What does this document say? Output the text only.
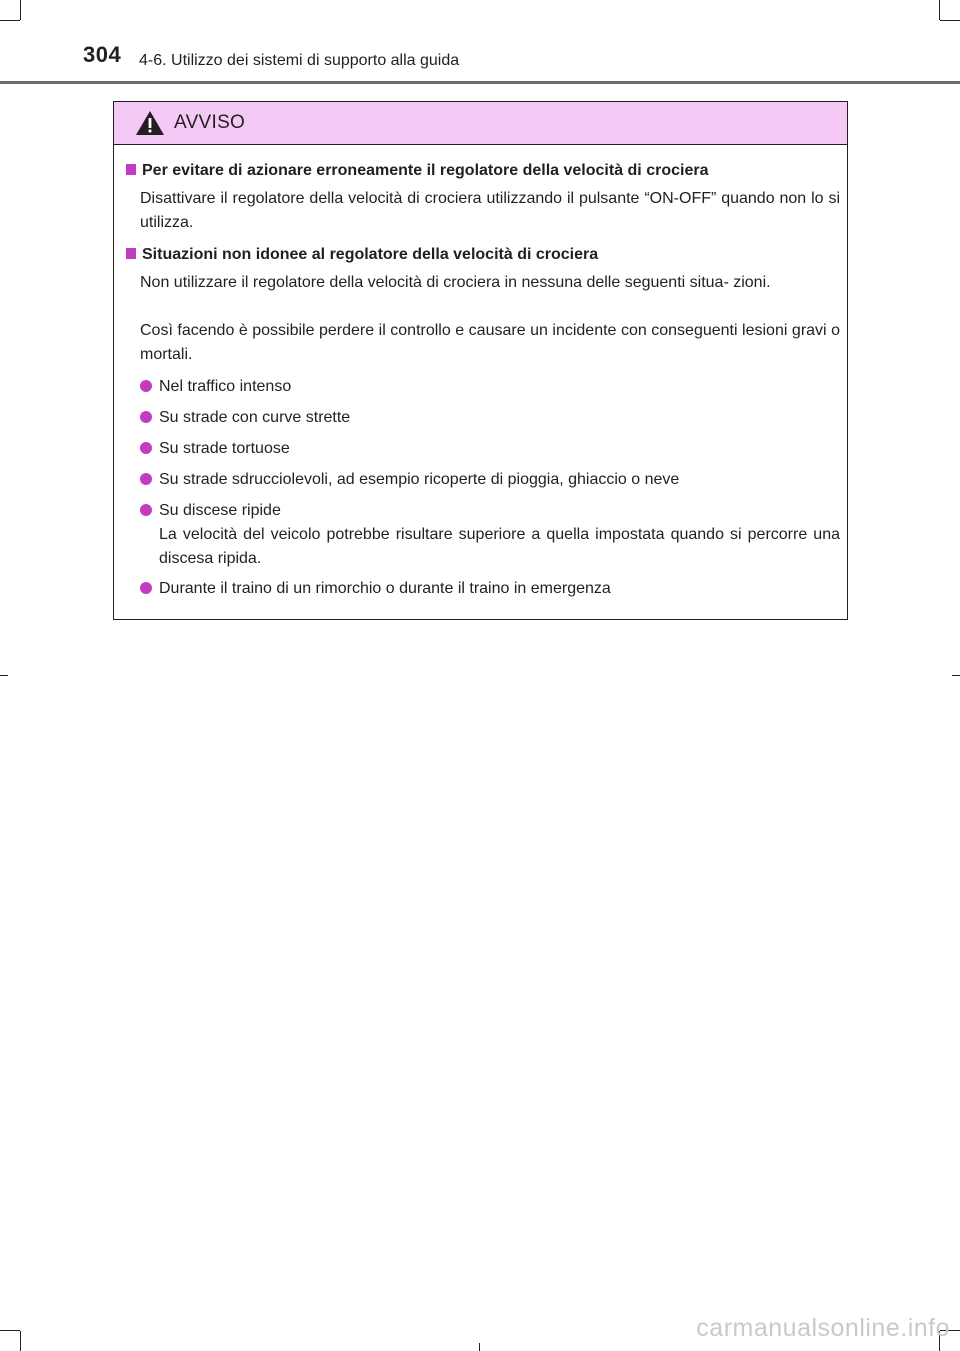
304 4-6. Utilizzo dei sistemi di supporto alla guida
AVVISO
Per evitare di azionare erroneamente il regolatore della velocità di crociera
Disattivare il regolatore della velocità di crociera utilizzando il pulsante “ON-OFF” quando non lo si utilizza.
Situazioni non idonee al regolatore della velocità di crociera
Non utilizzare il regolatore della velocità di crociera in nessuna delle seguenti situa- zioni.
Così facendo è possibile perdere il controllo e causare un incidente con conseguenti lesioni gravi o mortali.
Nel traffico intenso
Su strade con curve strette
Su strade tortuose
Su strade sdrucciolevoli, ad esempio ricoperte di pioggia, ghiaccio o neve
Su discese ripide
La velocità del veicolo potrebbe risultare superiore a quella impostata quando si percorre una discesa ripida.
Durante il traino di un rimorchio o durante il traino in emergenza
carmanualsonline.info
